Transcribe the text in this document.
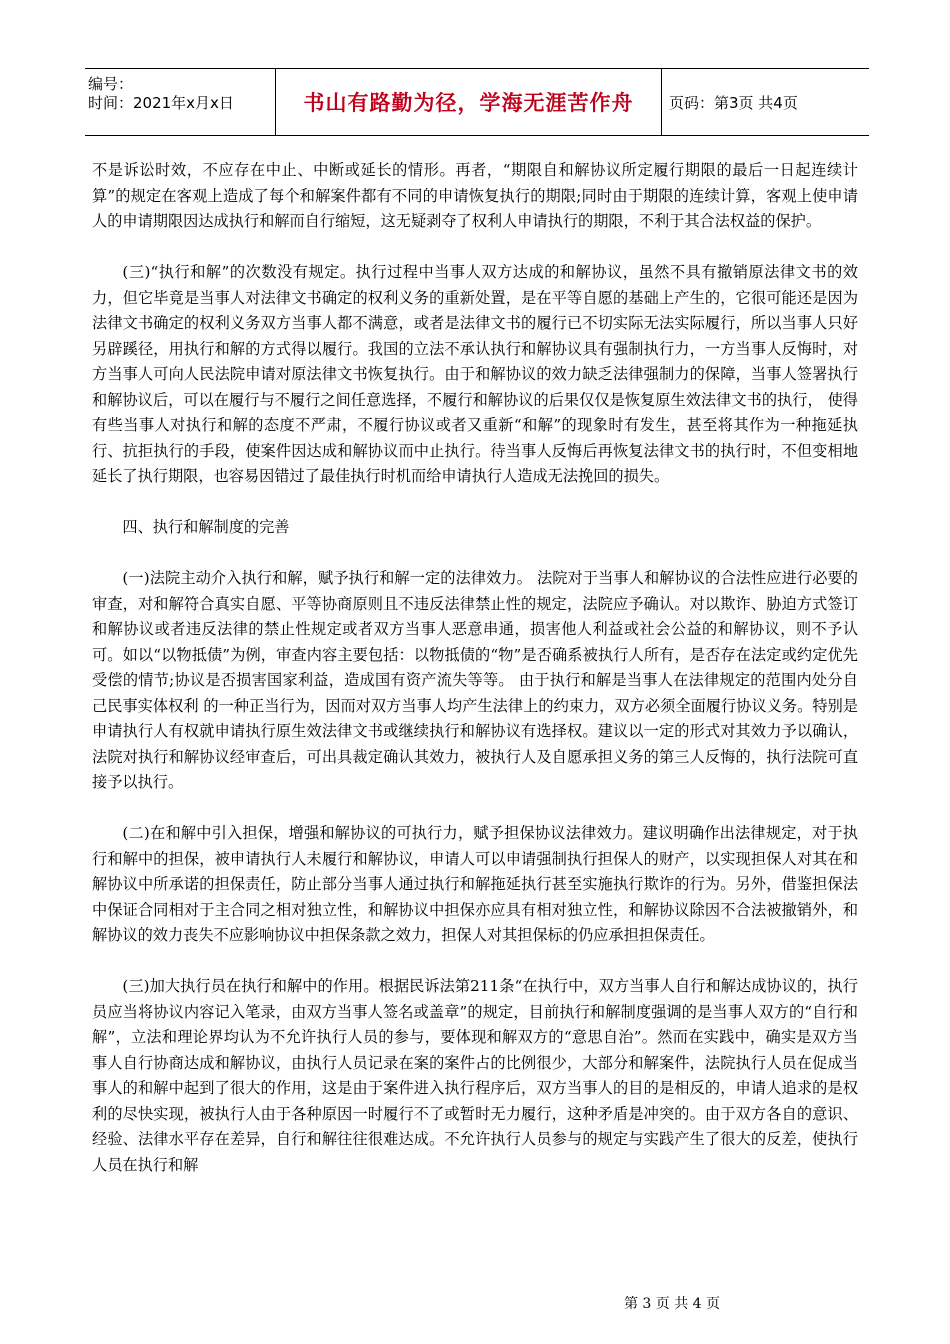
编号：
时间：2021年x月x日	书山有路勤为径，学海无涯苦作舟	页码：第3页 共4页

不是诉讼时效，不应存在中止、中断或延长的情形。再者，“期限自和解协议所定履行期限的最后一日起连续计算”的规定在客观上造成了每个和解案件都有不同的申请恢复执行的期限;同时由于期限的连续计算，客观上使申请人的申请期限因达成执行和解而自行缩短，这无疑剥夺了权利人申请执行的期限，不利于其合法权益的保护。

(三)“执行和解”的次数没有规定。执行过程中当事人双方达成的和解协议，虽然不具有撤销原法律文书的效力，但它毕竟是当事人对法律文书确定的权利义务的重新处置，是在平等自愿的基础上产生的，它很可能还是因为法律文书确定的权利义务双方当事人都不满意，或者是法律文书的履行已不切实际无法实际履行，所以当事人只好另辟蹊径，用执行和解的方式得以履行。我国的立法不承认执行和解协议具有强制执行力，一方当事人反悔时，对方当事人可向人民法院申请对原法律文书恢复执行。由于和解协议的效力缺乏法律强制力的保障，当事人签署执行和解协议后，可以在履行与不履行之间任意选择，不履行和解协议的后果仅仅是恢复原生效法律文书的执行， 使得有些当事人对执行和解的态度不严肃，不履行协议或者又重新“和解”的现象时有发生，甚至将其作为一种拖延执行、抗拒执行的手段，使案件因达成和解协议而中止执行。待当事人反悔后再恢复法律文书的执行时，不但变相地延长了执行期限，也容易因错过了最佳执行时机而给申请执行人造成无法挽回的损失。

四、执行和解制度的完善

(一)法院主动介入执行和解，赋予执行和解一定的法律效力。 法院对于当事人和解协议的合法性应进行必要的审查，对和解符合真实自愿、平等协商原则且不违反法律禁止性的规定，法院应予确认。对以欺诈、胁迫方式签订和解协议或者违反法律的禁止性规定或者双方当事人恶意串通，损害他人利益或社会公益的和解协议，则不予认可。如以“以物抵债”为例，审查内容主要包括：以物抵债的“物”是否确系被执行人所有，是否存在法定或约定优先受偿的情节;协议是否损害国家利益，造成国有资产流失等等。 由于执行和解是当事人在法律规定的范围内处分自己民事实体权利 的一种正当行为，因而对双方当事人均产生法律上的约束力，双方必须全面履行协议义务。特别是申请执行人有权就申请执行原生效法律文书或继续执行和解协议有选择权。建议以一定的形式对其效力予以确认，法院对执行和解协议经审查后，可出具裁定确认其效力，被执行人及自愿承担义务的第三人反悔的，执行法院可直接予以执行。

(二)在和解中引入担保，增强和解协议的可执行力，赋予担保协议法律效力。建议明确作出法律规定，对于执行和解中的担保，被申请执行人未履行和解协议，申请人可以申请强制执行担保人的财产，以实现担保人对其在和解协议中所承诺的担保责任，防止部分当事人通过执行和解拖延执行甚至实施执行欺诈的行为。另外，借鉴担保法中保证合同相对于主合同之相对独立性，和解协议中担保亦应具有相对独立性，和解协议除因不合法被撤销外，和解协议的效力丧失不应影响协议中担保条款之效力，担保人对其担保标的仍应承担担保责任。

(三)加大执行员在执行和解中的作用。根据民诉法第211条“在执行中，双方当事人自行和解达成协议的，执行员应当将协议内容记入笔录，由双方当事人签名或盖章”的规定，目前执行和解制度强调的是当事人双方的“自行和解”，立法和理论界均认为不允许执行人员的参与，要体现和解双方的“意思自治”。然而在实践中，确实是双方当事人自行协商达成和解协议，由执行人员记录在案的案件占的比例很少，大部分和解案件，法院执行人员在促成当事人的和解中起到了很大的作用，这是由于案件进入执行程序后，双方当事人的目的是相反的，申请人追求的是权利的尽快实现，被执行人由于各种原因一时履行不了或暂时无力履行，这种矛盾是冲突的。由于双方各自的意识、经验、法律水平存在差异，自行和解往往很难达成。不允许执行人员参与的规定与实践产生了很大的反差，使执行人员在执行和解

第 3 页 共 4 页
